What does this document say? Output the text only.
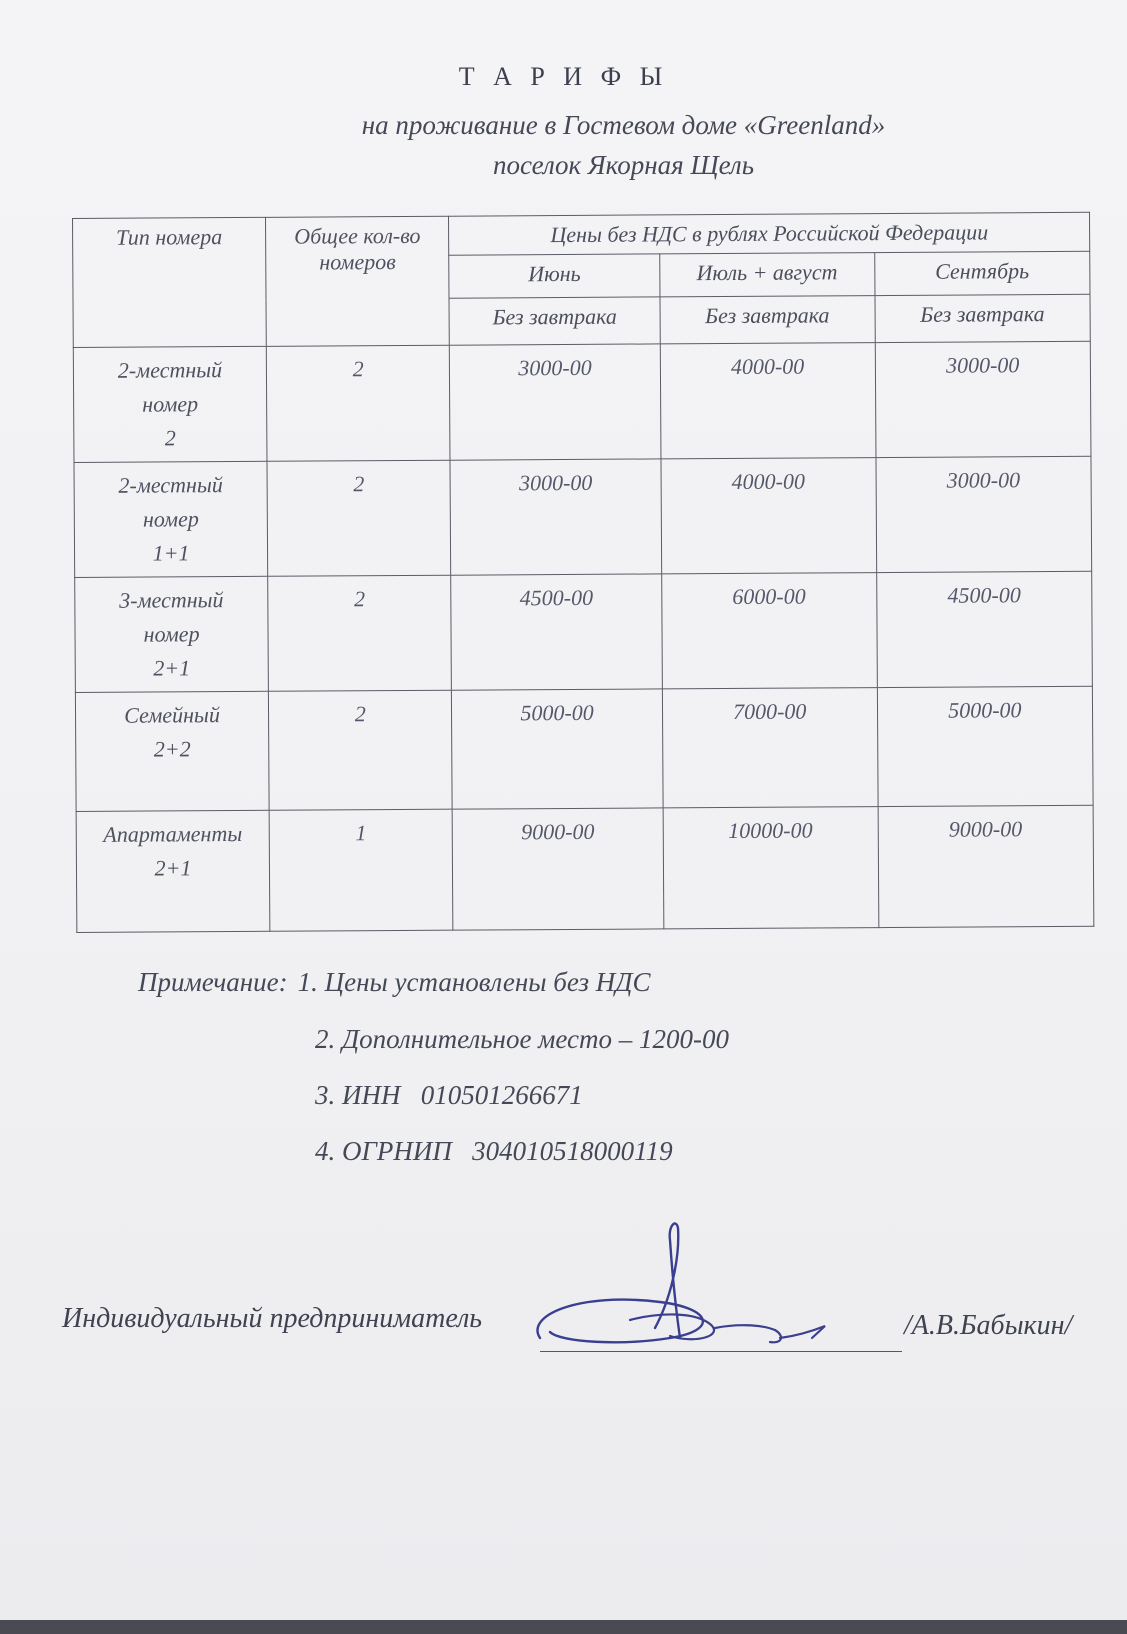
Т А Р И Ф Ы
на проживание в Гостевом доме «Greenland»
поселок Якорная Щель
Тип номера	Общее кол-во
номеров	Цены без НДС в рублях Российской Федерации		
		Июнь	Июль + август	Сентябрь
		Без завтрака	Без завтрака	Без завтрака
2-местный
номер
2	2	3000-00	4000-00	3000-00
2-местный
номер
1+1	2	3000-00	4000-00	3000-00
3-местный
номер
2+1	2	4500-00	6000-00	4500-00
Семейный
2+2	2	5000-00	7000-00	5000-00
Апартаменты
2+1	1	9000-00	10000-00	9000-00
Примечание: 1. Цены установлены без НДС
2. Дополнительное место – 1200-00
3. ИНН   010501266671
4. ОГРНИП   304010518000119
Индивидуальный предприниматель	/А.В.Бабыкин/
